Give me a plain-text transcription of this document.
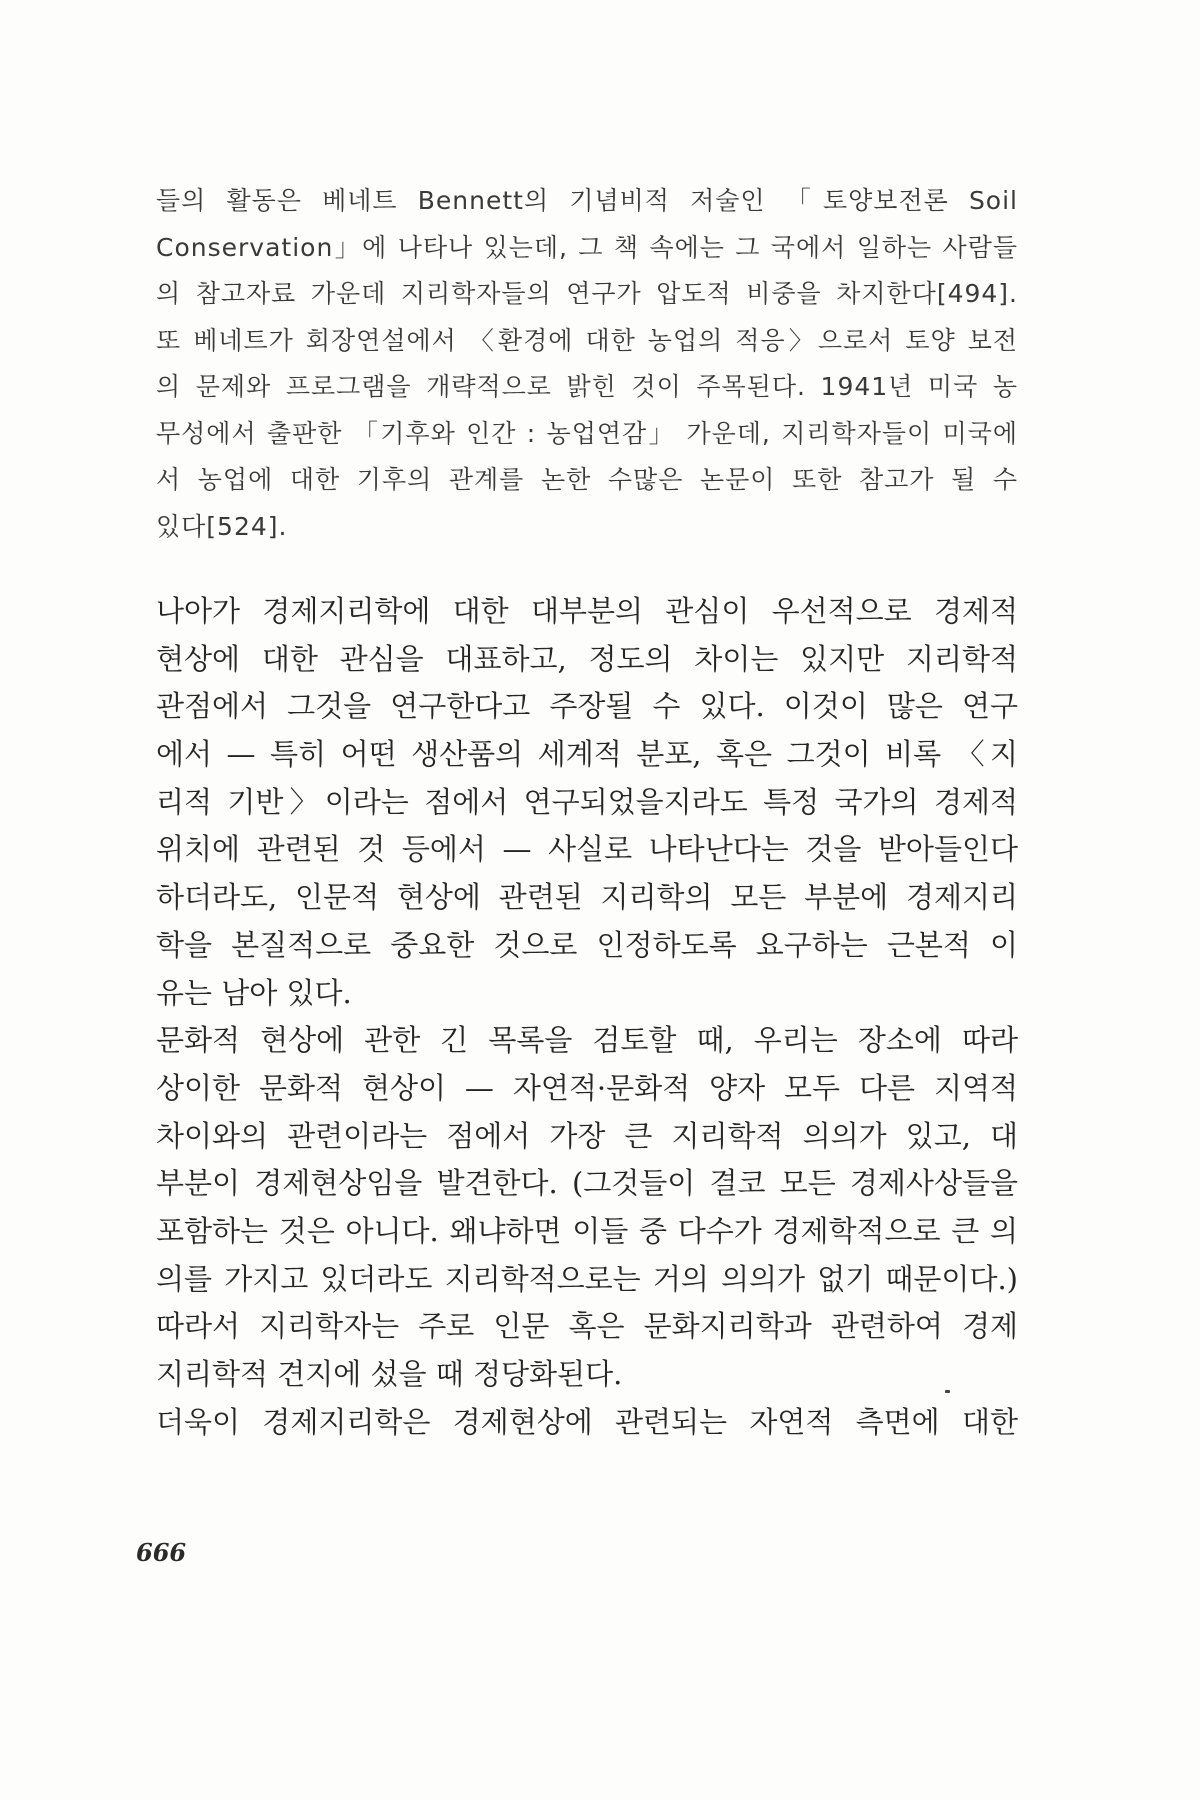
들의 활동은 베네트 Bennett의 기념비적 저술인 「토양보전론 Soil
Conservation」에 나타나 있는데, 그 책 속에는 그 국에서 일하는 사람들
의 참고자료 가운데 지리학자들의 연구가 압도적 비중을 차지한다[494].
또 베네트가 회장연설에서 〈환경에 대한 농업의 적응〉으로서 토양 보전
의 문제와 프로그램을 개략적으로 밝힌 것이 주목된다. 1941년 미국 농
무성에서 출판한 「기후와 인간 : 농업연감」 가운데, 지리학자들이 미국에
서 농업에 대한 기후의 관계를 논한 수많은 논문이 또한 참고가 될 수
있다[524].
나아가 경제지리학에 대한 대부분의 관심이 우선적으로 경제적
현상에 대한 관심을 대표하고, 정도의 차이는 있지만 지리학적
관점에서 그것을 연구한다고 주장될 수 있다. 이것이 많은 연구
에서 — 특히 어떤 생산품의 세계적 분포, 혹은 그것이 비록 〈지
리적 기반〉이라는 점에서 연구되었을지라도 특정 국가의 경제적
위치에 관련된 것 등에서 — 사실로 나타난다는 것을 받아들인다
하더라도, 인문적 현상에 관련된 지리학의 모든 부분에 경제지리
학을 본질적으로 중요한 것으로 인정하도록 요구하는 근본적 이
유는 남아 있다.
문화적 현상에 관한 긴 목록을 검토할 때, 우리는 장소에 따라
상이한 문화적 현상이 — 자연적·문화적 양자 모두 다른 지역적
차이와의 관련이라는 점에서 가장 큰 지리학적 의의가 있고, 대
부분이 경제현상임을 발견한다. (그것들이 결코 모든 경제사상들을
포함하는 것은 아니다. 왜냐하면 이들 중 다수가 경제학적으로 큰 의
의를 가지고 있더라도 지리학적으로는 거의 의의가 없기 때문이다.)
따라서 지리학자는 주로 인문 혹은 문화지리학과 관련하여 경제
지리학적 견지에 섰을 때 정당화된다.
더욱이 경제지리학은 경제현상에 관련되는 자연적 측면에 대한
666
